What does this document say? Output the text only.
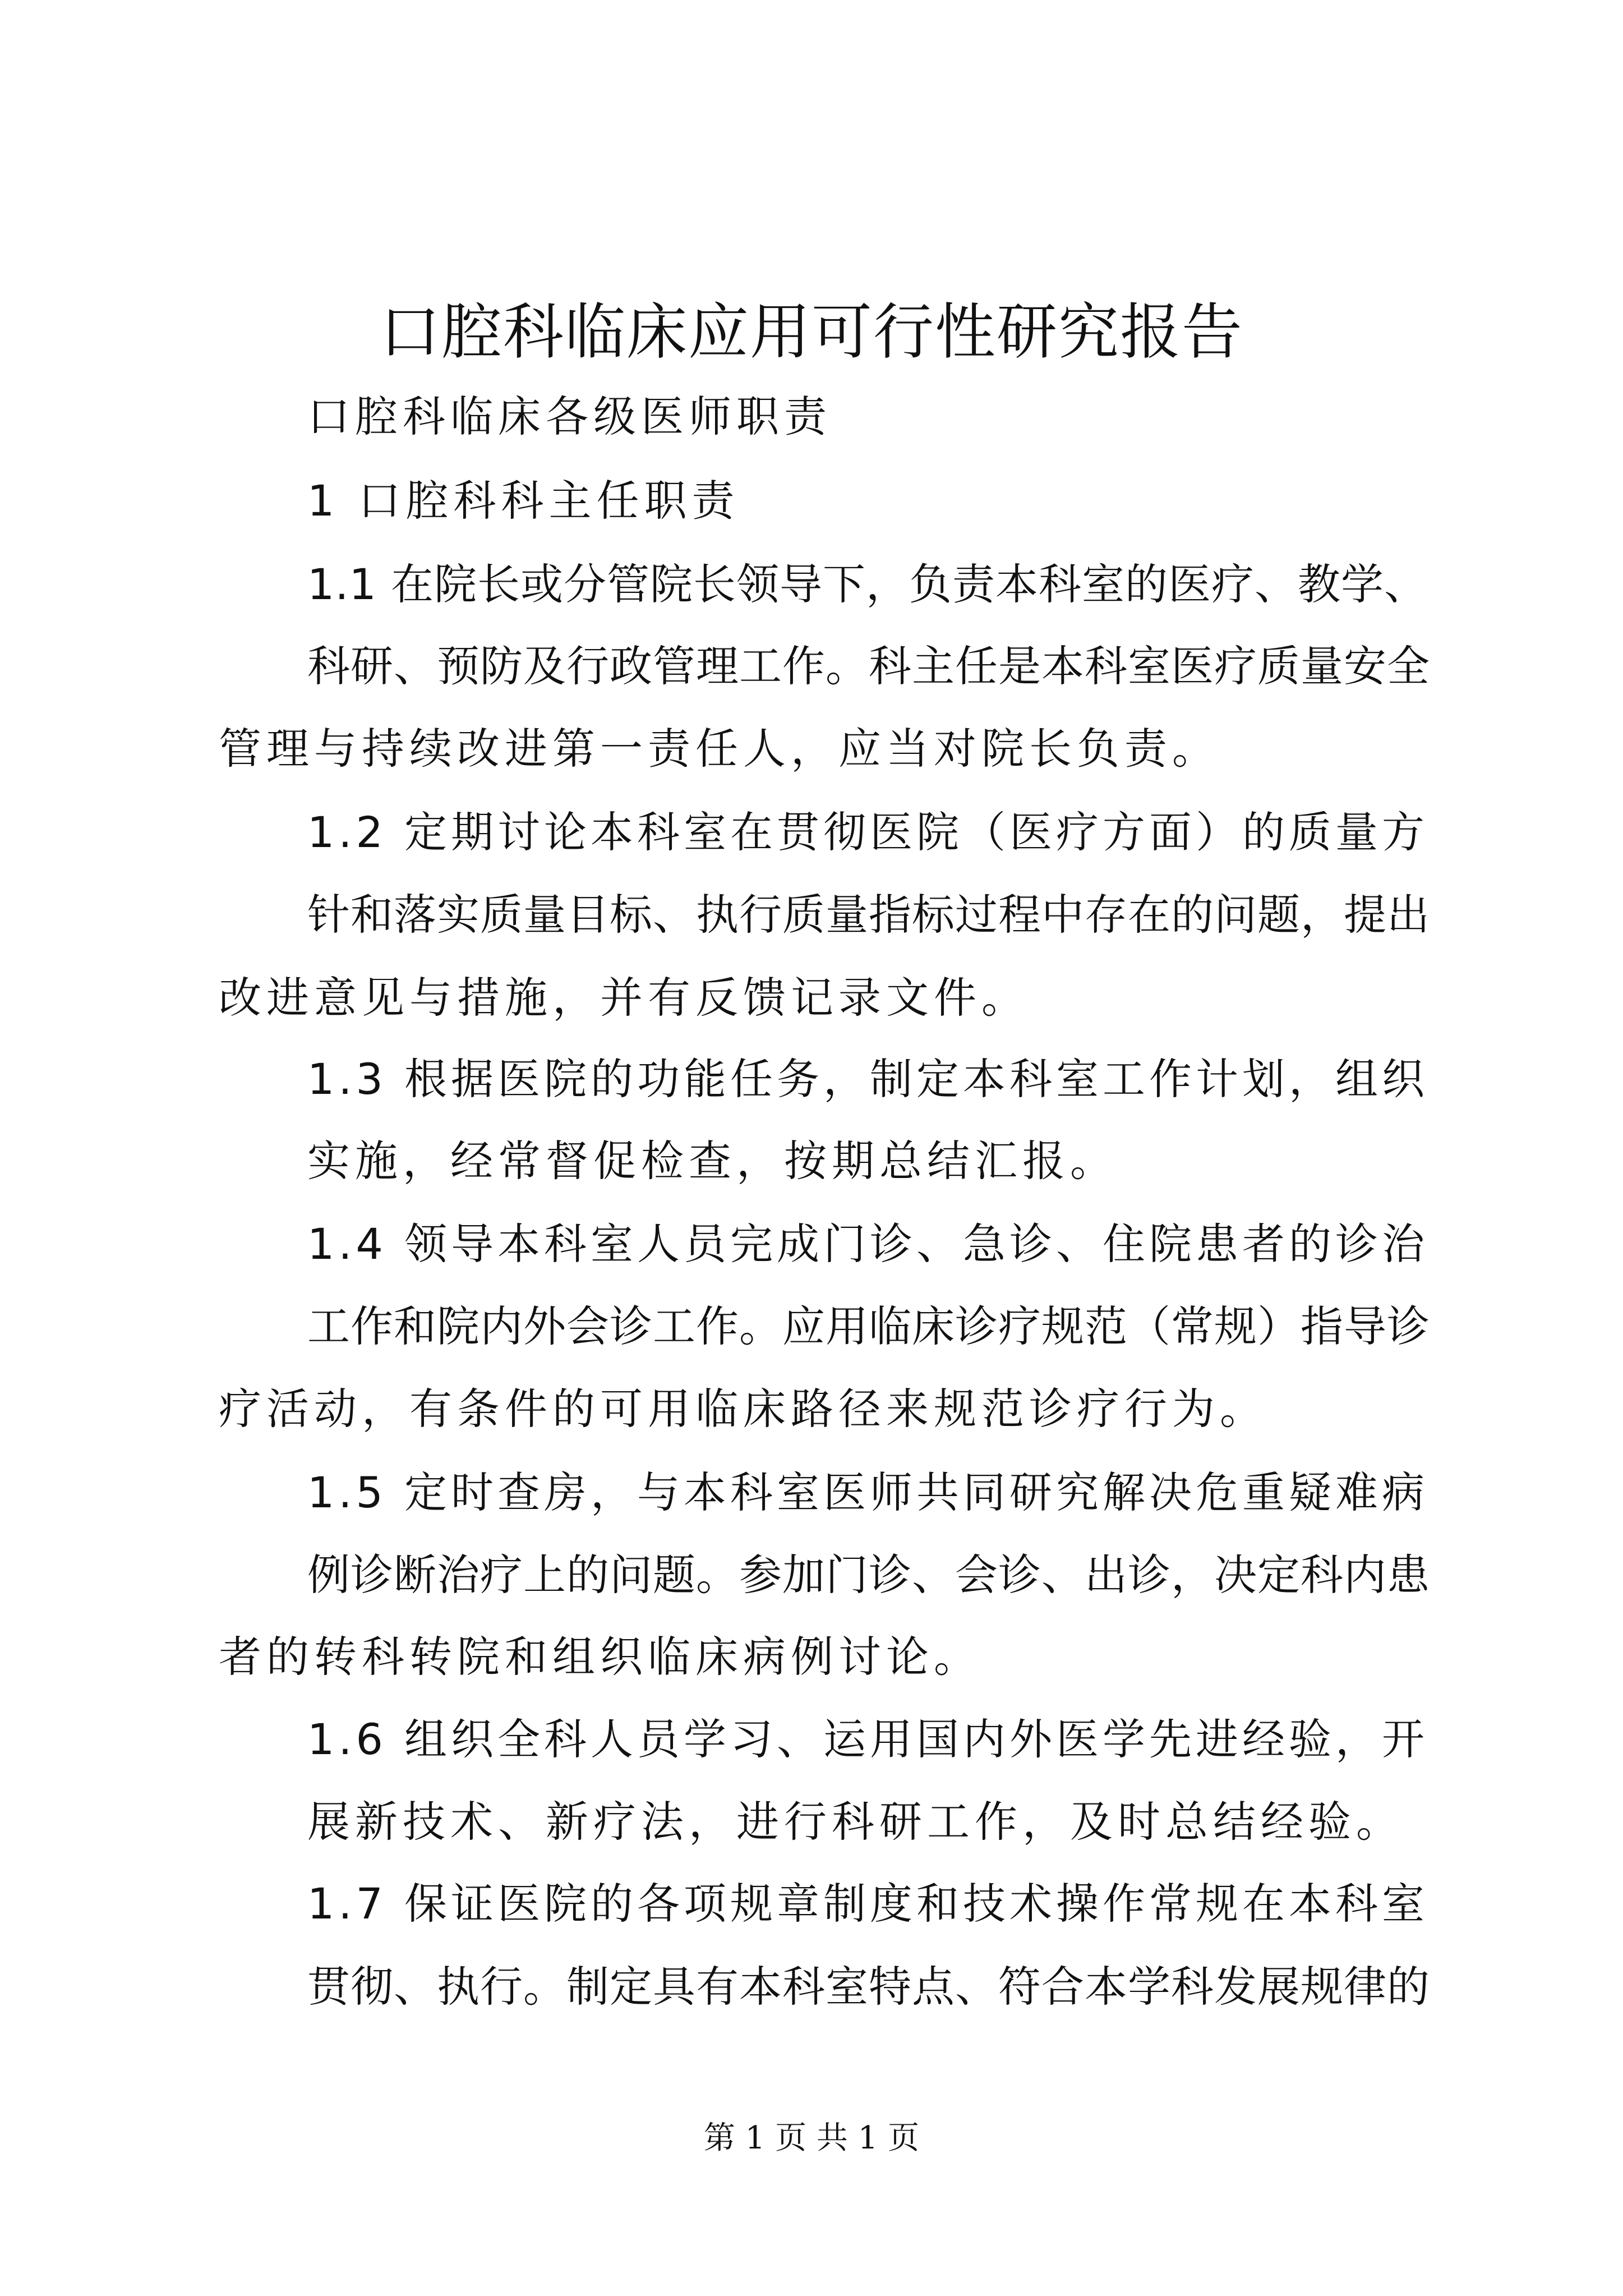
口腔科临床应用可行性研究报告
口腔科临床各级医师职责
1 口腔科科主任职责
1.1 在院长或分管院长领导下，负责本科室的医疗、教学、
科研、预防及行政管理工作。科主任是本科室医疗质量安全
管理与持续改进第一责任人，应当对院长负责。
1.2 定期讨论本科室在贯彻医院（医疗方面）的质量方
针和落实质量目标、执行质量指标过程中存在的问题，提出
改进意见与措施，并有反馈记录文件。
1.3 根据医院的功能任务，制定本科室工作计划，组织
实施，经常督促检查，按期总结汇报。
1.4 领导本科室人员完成门诊、急诊、住院患者的诊治
工作和院内外会诊工作。应用临床诊疗规范（常规）指导诊
疗活动，有条件的可用临床路径来规范诊疗行为。
1.5 定时查房，与本科室医师共同研究解决危重疑难病
例诊断治疗上的问题。参加门诊、会诊、出诊，决定科内患
者的转科转院和组织临床病例讨论。
1.6 组织全科人员学习、运用国内外医学先进经验，开
展新技术、新疗法，进行科研工作，及时总结经验。
1.7 保证医院的各项规章制度和技术操作常规在本科室
贯彻、执行。制定具有本科室特点、符合本学科发展规律的
第 1 页 共 1 页
